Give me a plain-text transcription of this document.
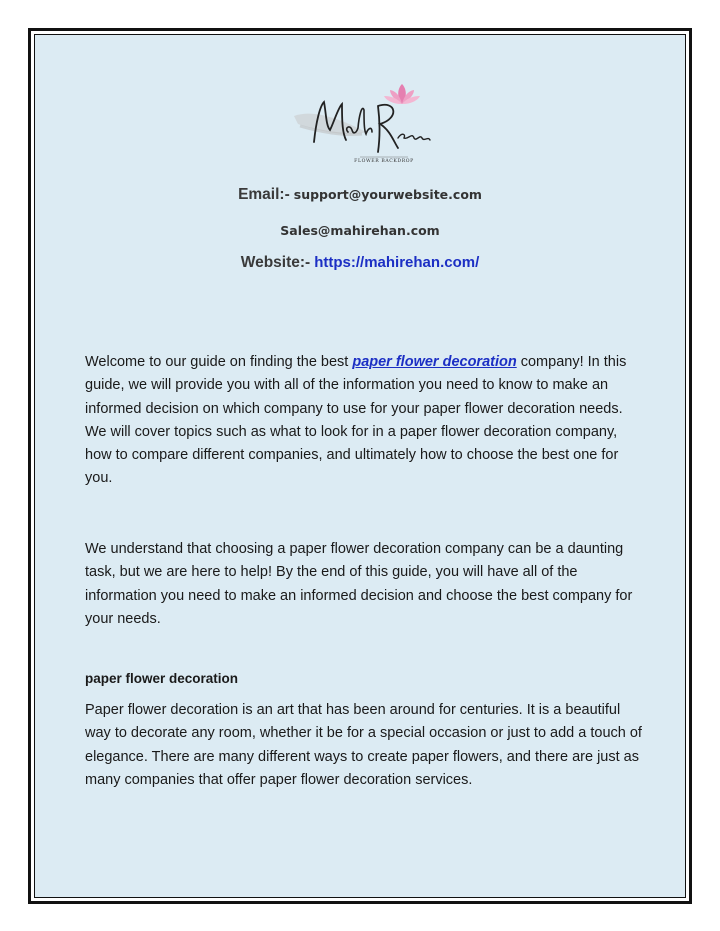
FLOWER BACKDROP
Email:- support@yourwebsite.com
Sales@mahirehan.com
Website:- https://mahirehan.com/

Welcome to our guide on finding the best paper flower decoration company! In this guide, we will provide you with all of the information you need to know to make an informed decision on which company to use for your paper flower decoration needs. We will cover topics such as what to look for in a paper flower decoration company, how to compare different companies, and ultimately how to choose the best one for you.

We understand that choosing a paper flower decoration company can be a daunting task, but we are here to help! By the end of this guide, you will have all of the information you need to make an informed decision and choose the best company for your needs.

paper flower decoration

Paper flower decoration is an art that has been around for centuries. It is a beautiful way to decorate any room, whether it be for a special occasion or just to add a touch of elegance. There are many different ways to create paper flowers, and there are just as many companies that offer paper flower decoration services.
